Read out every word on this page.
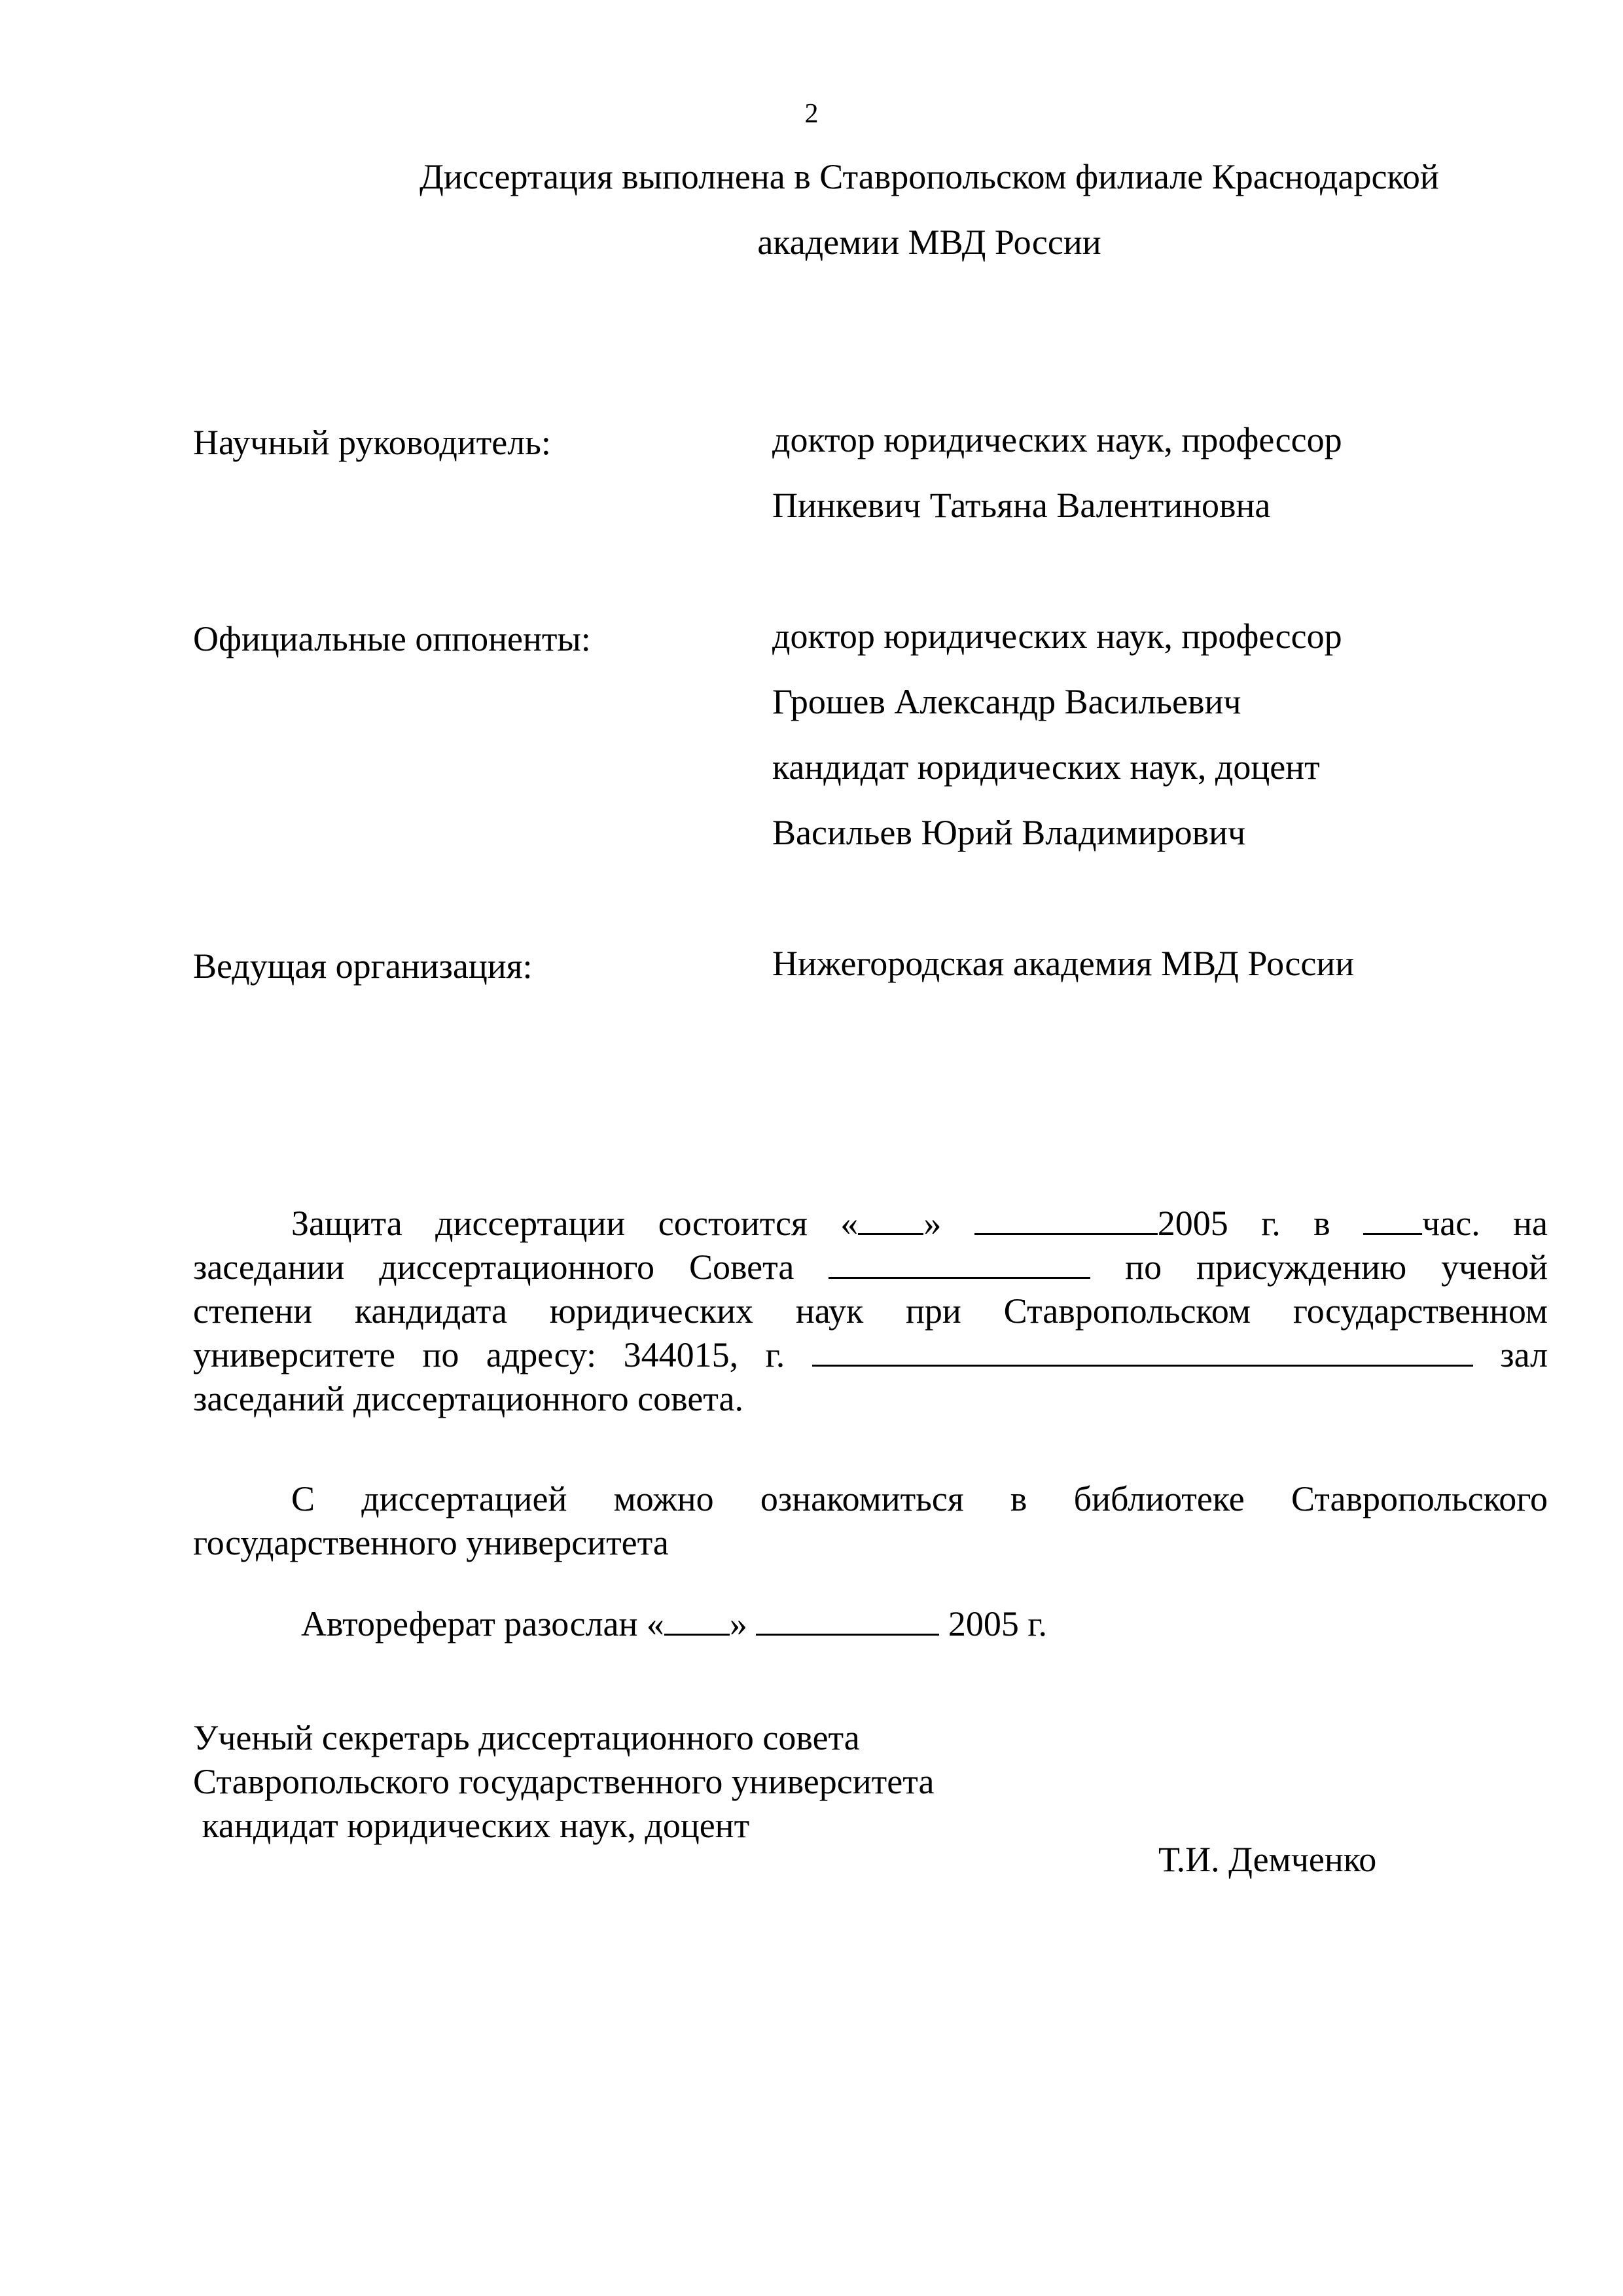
2
Диссертация выполнена в Ставропольском филиале Краснодарской
академии МВД России
Научный руководитель:	доктор юридических наук, профессор
Пинкевич Татьяна Валентиновна
Официальные оппоненты:	доктор юридических наук, профессор
Грошев Александр Васильевич
кандидат юридических наук, доцент
Васильев Юрий Владимирович
Ведущая организация:	Нижегородская академия МВД России
Защита диссертации состоится « »	2005 г. в	час. на
заседании диссертационного Совета	по присуждению ученой
степени кандидата юридических наук при Ставропольском государственном
университете по адресу: 344015, г.	зал
заседаний диссертационного совета.
С диссертацией можно ознакомиться в библиотеке Ставропольского
государственного университета
Автореферат разослан « »	2005 г.
Ученый секретарь диссертационного совета
Ставропольского государственного университета
кандидат юридических наук, доцент
Т.И. Демченко
